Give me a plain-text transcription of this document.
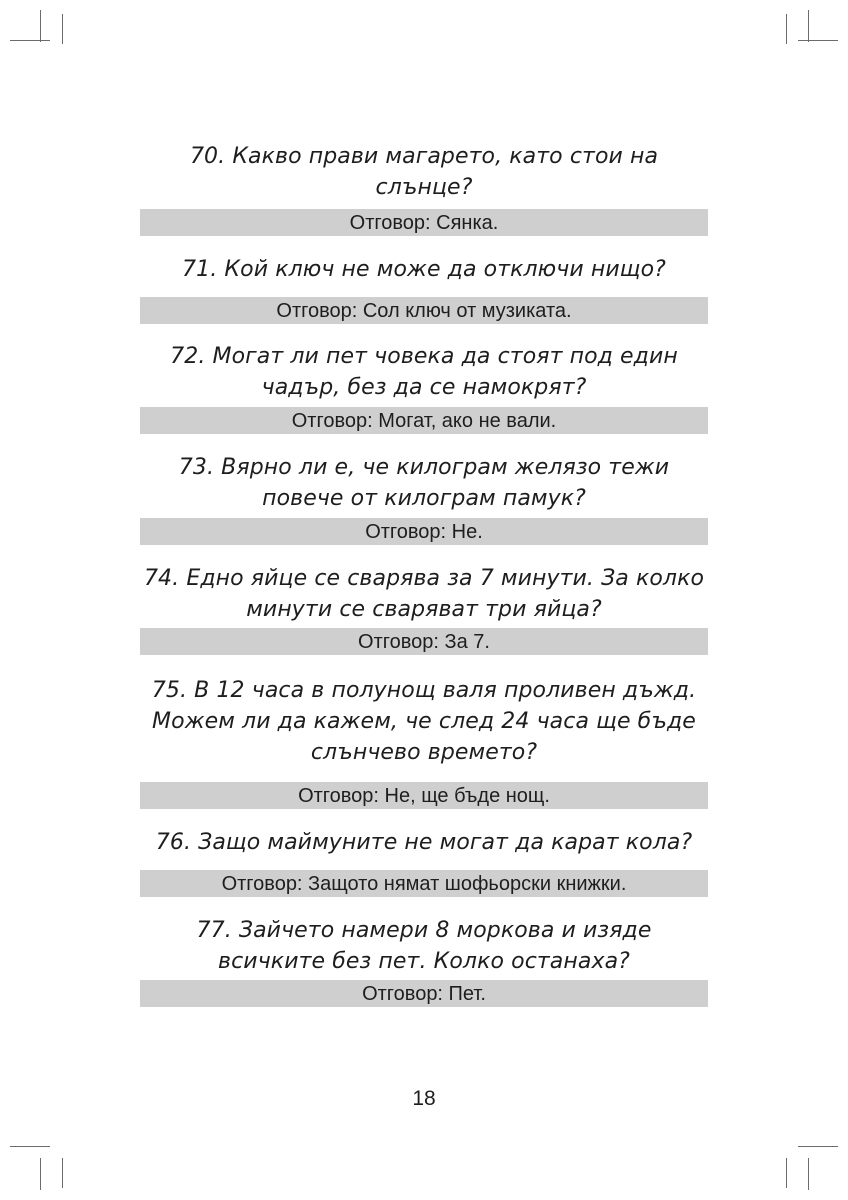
70. Какво прави магарето, като стои на слънце?

Отговор: Сянка.

71. Кой ключ не може да отключи нищо?

Отговор: Сол ключ от музиката.

72. Могат ли пет човека да стоят под един чадър, без да се намокрят?

Отговор: Могат, ако не вали.

73. Вярно ли е, че килограм желязо тежи повече от килограм памук?

Отговор: Не.

74. Едно яйце се сварява за 7 минути. За колко минути се сваряват три яйца?

Отговор: За 7.

75. В 12 часа в полунощ валя проливен дъжд. Можем ли да кажем, че след 24 часа ще бъде слънчево времето?

Отговор: Не, ще бъде нощ.

76. Защо маймуните не могат да карат кола?

Отговор: Защото нямат шофьорски книжки.

77. Зайчето намери 8 моркова и изяде всичките без пет. Колко останаха?

Отговор: Пет.
18
